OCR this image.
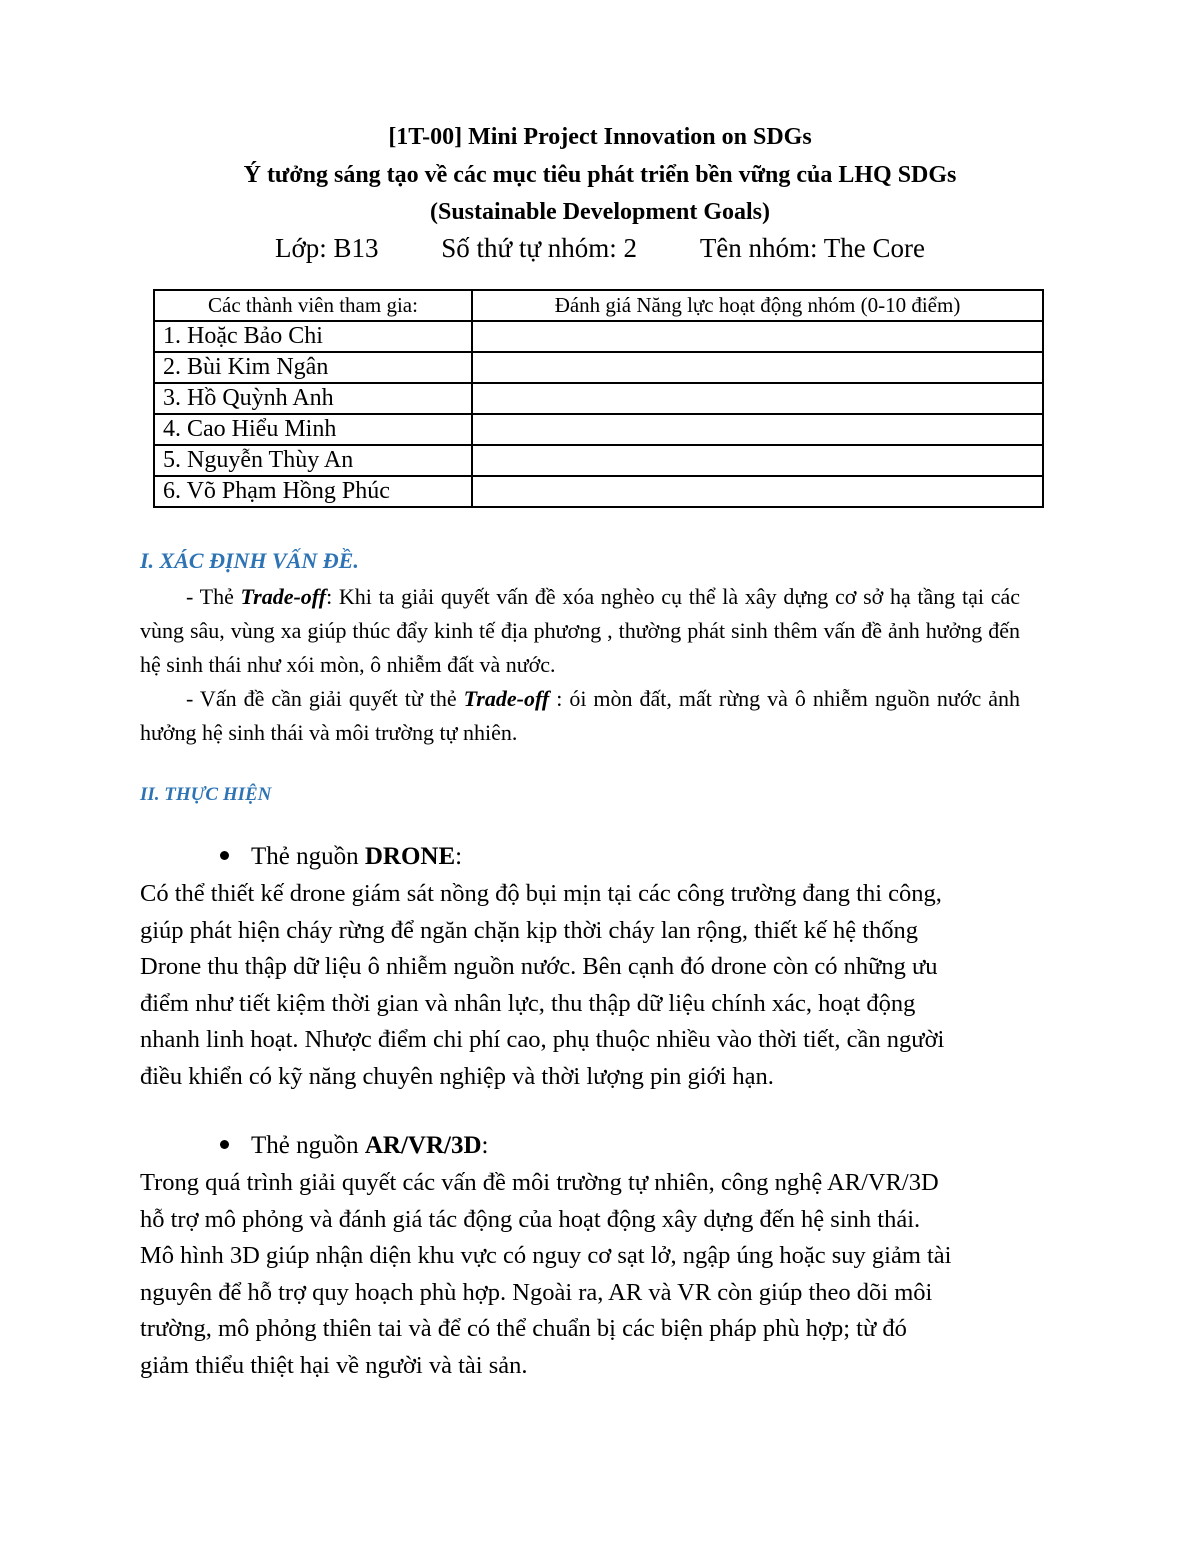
[1T-00] Mini Project Innovation on SDGs
Ý tưởng sáng tạo về các mục tiêu phát triển bền vững của LHQ SDGs
(Sustainable Development Goals)
Lớp: B13 Số thứ tự nhóm: 2 Tên nhóm: The Core
Các thành viên tham gia:	Đánh giá Năng lực hoạt động nhóm (0-10 điểm)
1. Hoặc Bảo Chi	
2. Bùi Kim Ngân	
3. Hồ Quỳnh Anh	
4. Cao Hiểu Minh	
5. Nguyễn Thùy An	
6. Võ Phạm Hồng Phúc	
I. XÁC ĐỊNH VẤN ĐỀ.

- Thẻ Trade-off: Khi ta giải quyết vấn đề xóa nghèo cụ thể là xây dựng cơ sở hạ tầng tại các vùng sâu, vùng xa giúp thúc đẩy kinh tế địa phương , thường phát sinh thêm vấn đề ảnh hưởng đến hệ sinh thái như xói mòn, ô nhiễm đất và nước.

- Vấn đề cần giải quyết từ thẻ Trade-off : ói mòn đất, mất rừng và ô nhiễm nguồn nước ảnh hưởng hệ sinh thái và môi trường tự nhiên.

II. THỰC HIỆN
Thẻ nguồn DRONE:
Có thể thiết kế drone giám sát nồng độ bụi mịn tại các công trường đang thi công,
giúp phát hiện cháy rừng để ngăn chặn kịp thời cháy lan rộng, thiết kế hệ thống
Drone thu thập dữ liệu ô nhiễm nguồn nước. Bên cạnh đó drone còn có những ưu
điểm như tiết kiệm thời gian và nhân lực, thu thập dữ liệu chính xác, hoạt động
nhanh linh hoạt. Nhược điểm chi phí cao, phụ thuộc nhiều vào thời tiết, cần người
điều khiển có kỹ năng chuyên nghiệp và thời lượng pin giới hạn.
Thẻ nguồn AR/VR/3D:
Trong quá trình giải quyết các vấn đề môi trường tự nhiên, công nghệ AR/VR/3D
hỗ trợ mô phỏng và đánh giá tác động của hoạt động xây dựng đến hệ sinh thái.
Mô hình 3D giúp nhận diện khu vực có nguy cơ sạt lở, ngập úng hoặc suy giảm tài
nguyên để hỗ trợ quy hoạch phù hợp. Ngoài ra, AR và VR còn giúp theo dõi môi
trường, mô phỏng thiên tai và để có thể chuẩn bị các biện pháp phù hợp; từ đó
giảm thiểu thiệt hại về người và tài sản.
